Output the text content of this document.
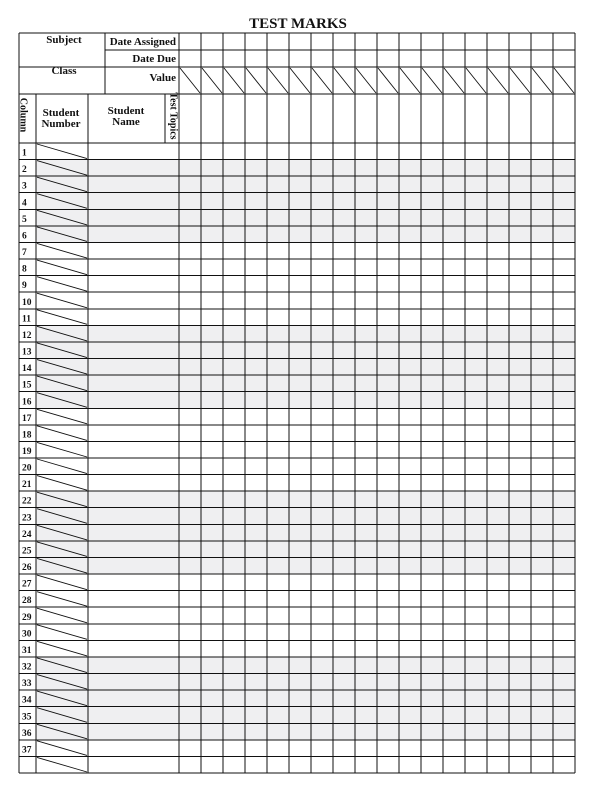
TEST MARKS
Subject
Class
Date Assigned
Date Due
Value
Column Student
Number
Student
Name	Test Topics
1
2
3
4
5
6
7
8
9
10
11
12
13
14
15
16
17
18
19
20
21
22
23
24
25
26
27
28
29
30
31
32
33
34
35
36
37
